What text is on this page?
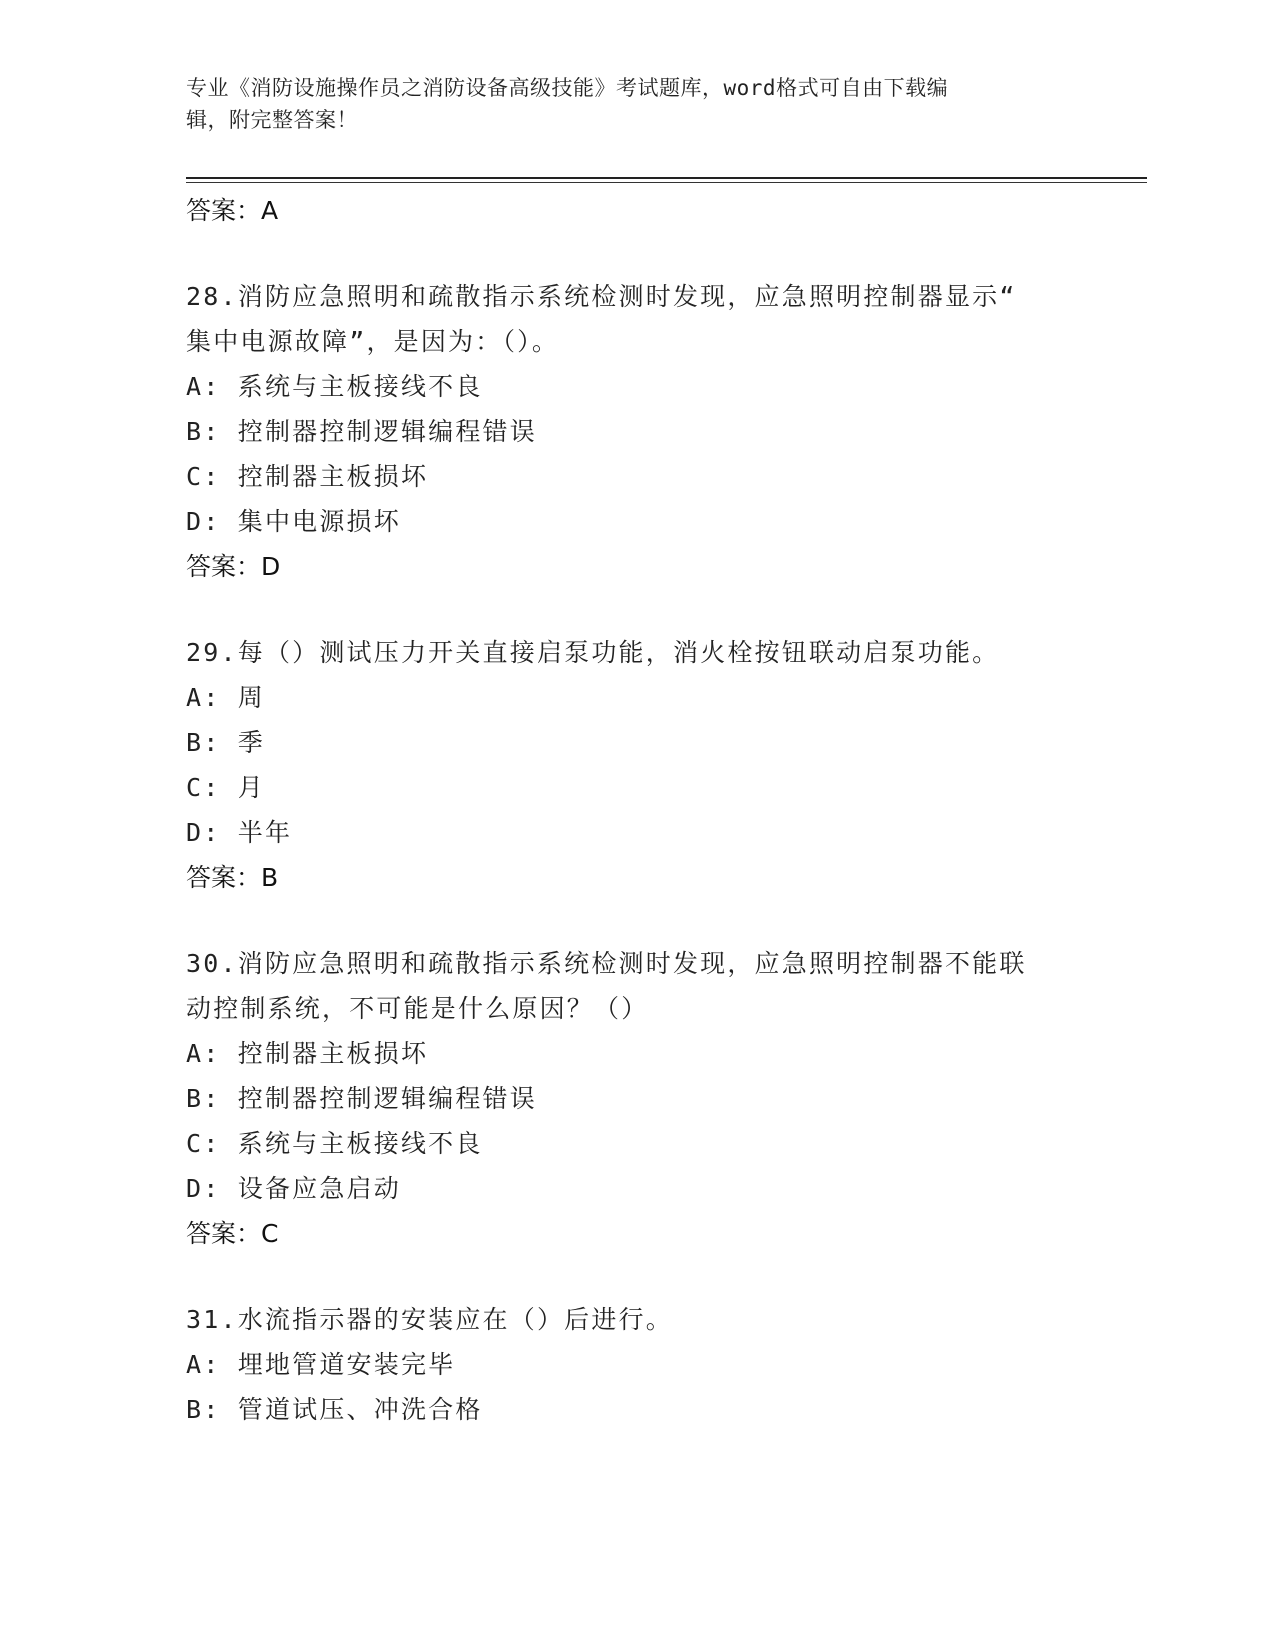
专业《消防设施操作员之消防设备高级技能》考试题库，word格式可自由下载编
辑，附完整答案！
答案：A
28.消防应急照明和疏散指示系统检测时发现，应急照明控制器显示“
集中电源故障”，是因为：（）。
A: 系统与主板接线不良
B: 控制器控制逻辑编程错误
C: 控制器主板损坏
D: 集中电源损坏
答案：D
29.每（）测试压力开关直接启泵功能，消火栓按钮联动启泵功能。
A: 周
B: 季
C: 月
D: 半年
答案：B
30.消防应急照明和疏散指示系统检测时发现，应急照明控制器不能联
动控制系统，不可能是什么原因？（）
A: 控制器主板损坏
B: 控制器控制逻辑编程错误
C: 系统与主板接线不良
D: 设备应急启动
答案：C
31.水流指示器的安装应在（）后进行。
A: 埋地管道安装完毕
B: 管道试压、冲洗合格
